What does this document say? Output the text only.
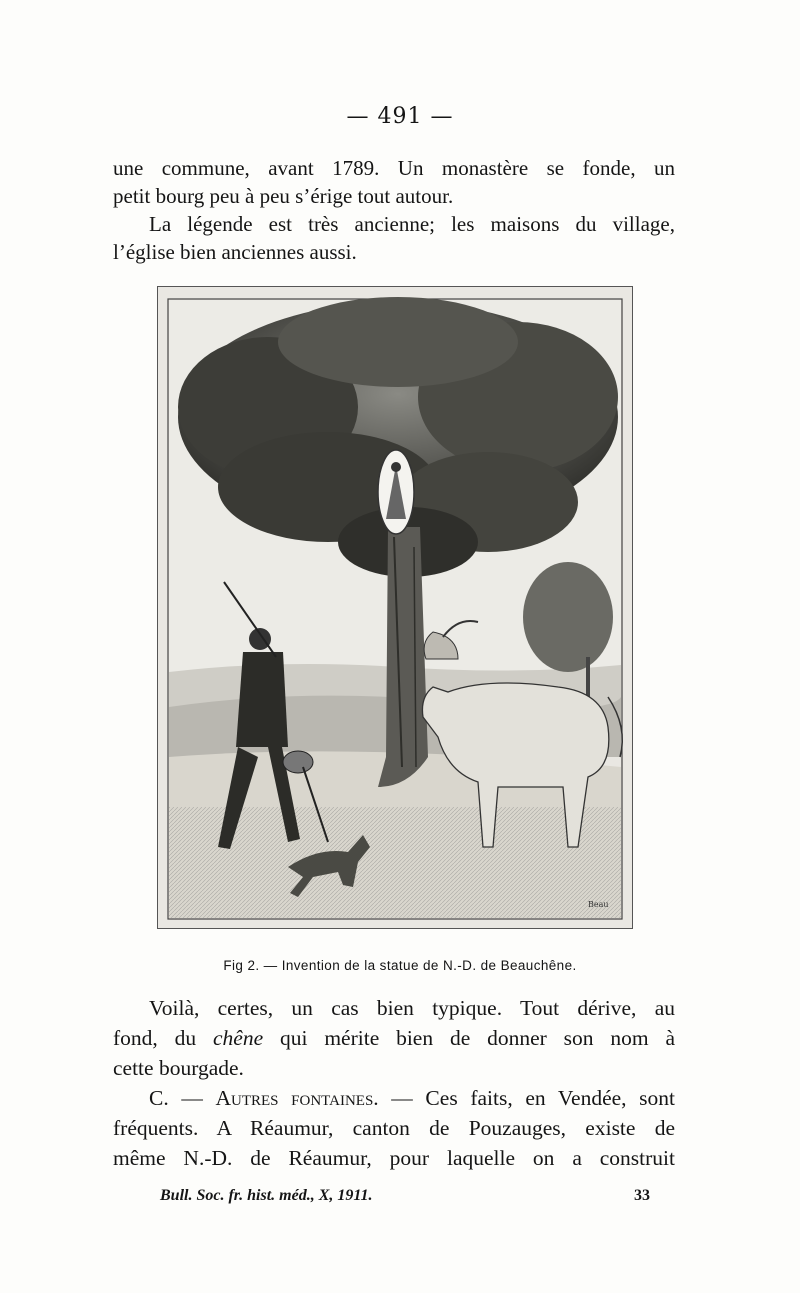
— 491 —
une commune, avant 1789. Un monastère se fonde, un
petit bourg peu à peu s’érige tout autour.
La légende est très ancienne; les maisons du village,
l’église bien anciennes aussi.
Beau
Fig 2. — Invention de la statue de N.-D. de Beauchêne.
Voilà, certes, un cas bien typique. Tout dérive, au
fond, du chêne qui mérite bien de donner son nom à
cette bourgade.
C. — Autres fontaines. — Ces faits, en Vendée, sont
fréquents. A Réaumur, canton de Pouzauges, existe de
même N.-D. de Réaumur, pour laquelle on a construit
Bull. Soc. fr. hist. méd., X, 1911.	33
